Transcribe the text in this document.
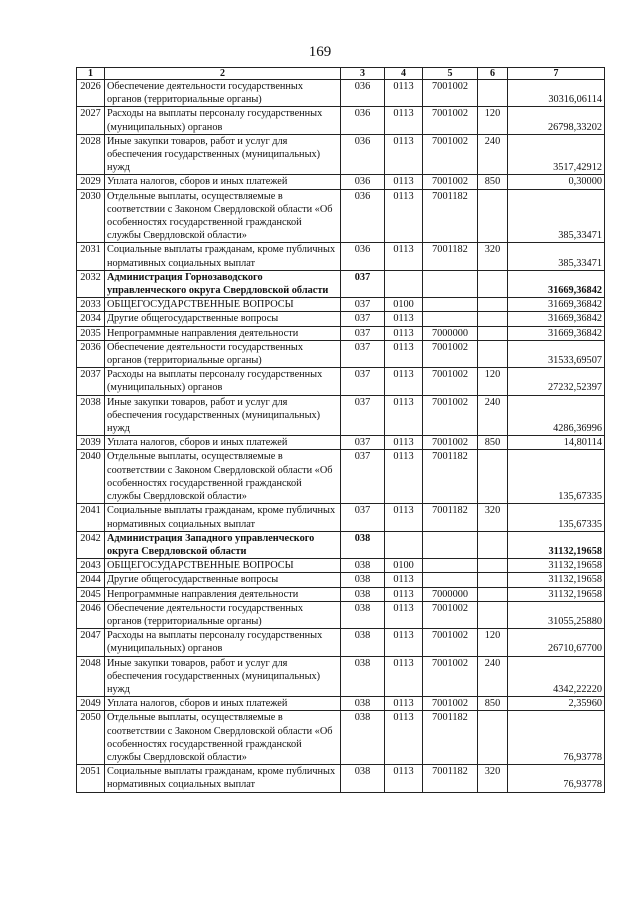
169
1	2	3	4	5	6	7
2026	Обеспечение деятельности государственных органов (территориальные органы)	036	0113	7001002		30316,06114
2027	Расходы на выплаты персоналу государственных (муниципальных) органов	036	0113	7001002	120	26798,33202
2028	Иные закупки товаров, работ и услуг для обеспечения государственных (муниципальных) нужд	036	0113	7001002	240	3517,42912
2029	Уплата налогов, сборов и иных платежей	036	0113	7001002	850	0,30000
2030	Отдельные выплаты, осуществляемые в соответствии с Законом Свердловской области «Об особенностях государственной гражданской службы Свердловской области»	036	0113	7001182		385,33471
2031	Социальные выплаты гражданам, кроме публичных нормативных социальных выплат	036	0113	7001182	320	385,33471
2032	Администрация Горнозаводского управленческого округа Свердловской области	037				31669,36842
2033	ОБЩЕГОСУДАРСТВЕННЫЕ ВОПРОСЫ	037	0100			31669,36842
2034	Другие общегосударственные вопросы	037	0113			31669,36842
2035	Непрограммные направления деятельности	037	0113	7000000		31669,36842
2036	Обеспечение деятельности государственных органов (территориальные органы)	037	0113	7001002		31533,69507
2037	Расходы на выплаты персоналу государственных (муниципальных) органов	037	0113	7001002	120	27232,52397
2038	Иные закупки товаров, работ и услуг для обеспечения государственных (муниципальных) нужд	037	0113	7001002	240	4286,36996
2039	Уплата налогов, сборов и иных платежей	037	0113	7001002	850	14,80114
2040	Отдельные выплаты, осуществляемые в соответствии с Законом Свердловской области «Об особенностях государственной гражданской службы Свердловской области»	037	0113	7001182		135,67335
2041	Социальные выплаты гражданам, кроме публичных нормативных социальных выплат	037	0113	7001182	320	135,67335
2042	Администрация Западного управленческого округа Свердловской области	038				31132,19658
2043	ОБЩЕГОСУДАРСТВЕННЫЕ ВОПРОСЫ	038	0100			31132,19658
2044	Другие общегосударственные вопросы	038	0113			31132,19658
2045	Непрограммные направления деятельности	038	0113	7000000		31132,19658
2046	Обеспечение деятельности государственных органов (территориальные органы)	038	0113	7001002		31055,25880
2047	Расходы на выплаты персоналу государственных (муниципальных) органов	038	0113	7001002	120	26710,67700
2048	Иные закупки товаров, работ и услуг для обеспечения государственных (муниципальных) нужд	038	0113	7001002	240	4342,22220
2049	Уплата налогов, сборов и иных платежей	038	0113	7001002	850	2,35960
2050	Отдельные выплаты, осуществляемые в соответствии с Законом Свердловской области «Об особенностях государственной гражданской службы Свердловской области»	038	0113	7001182		76,93778
2051	Социальные выплаты гражданам, кроме публичных нормативных социальных выплат	038	0113	7001182	320	76,93778
